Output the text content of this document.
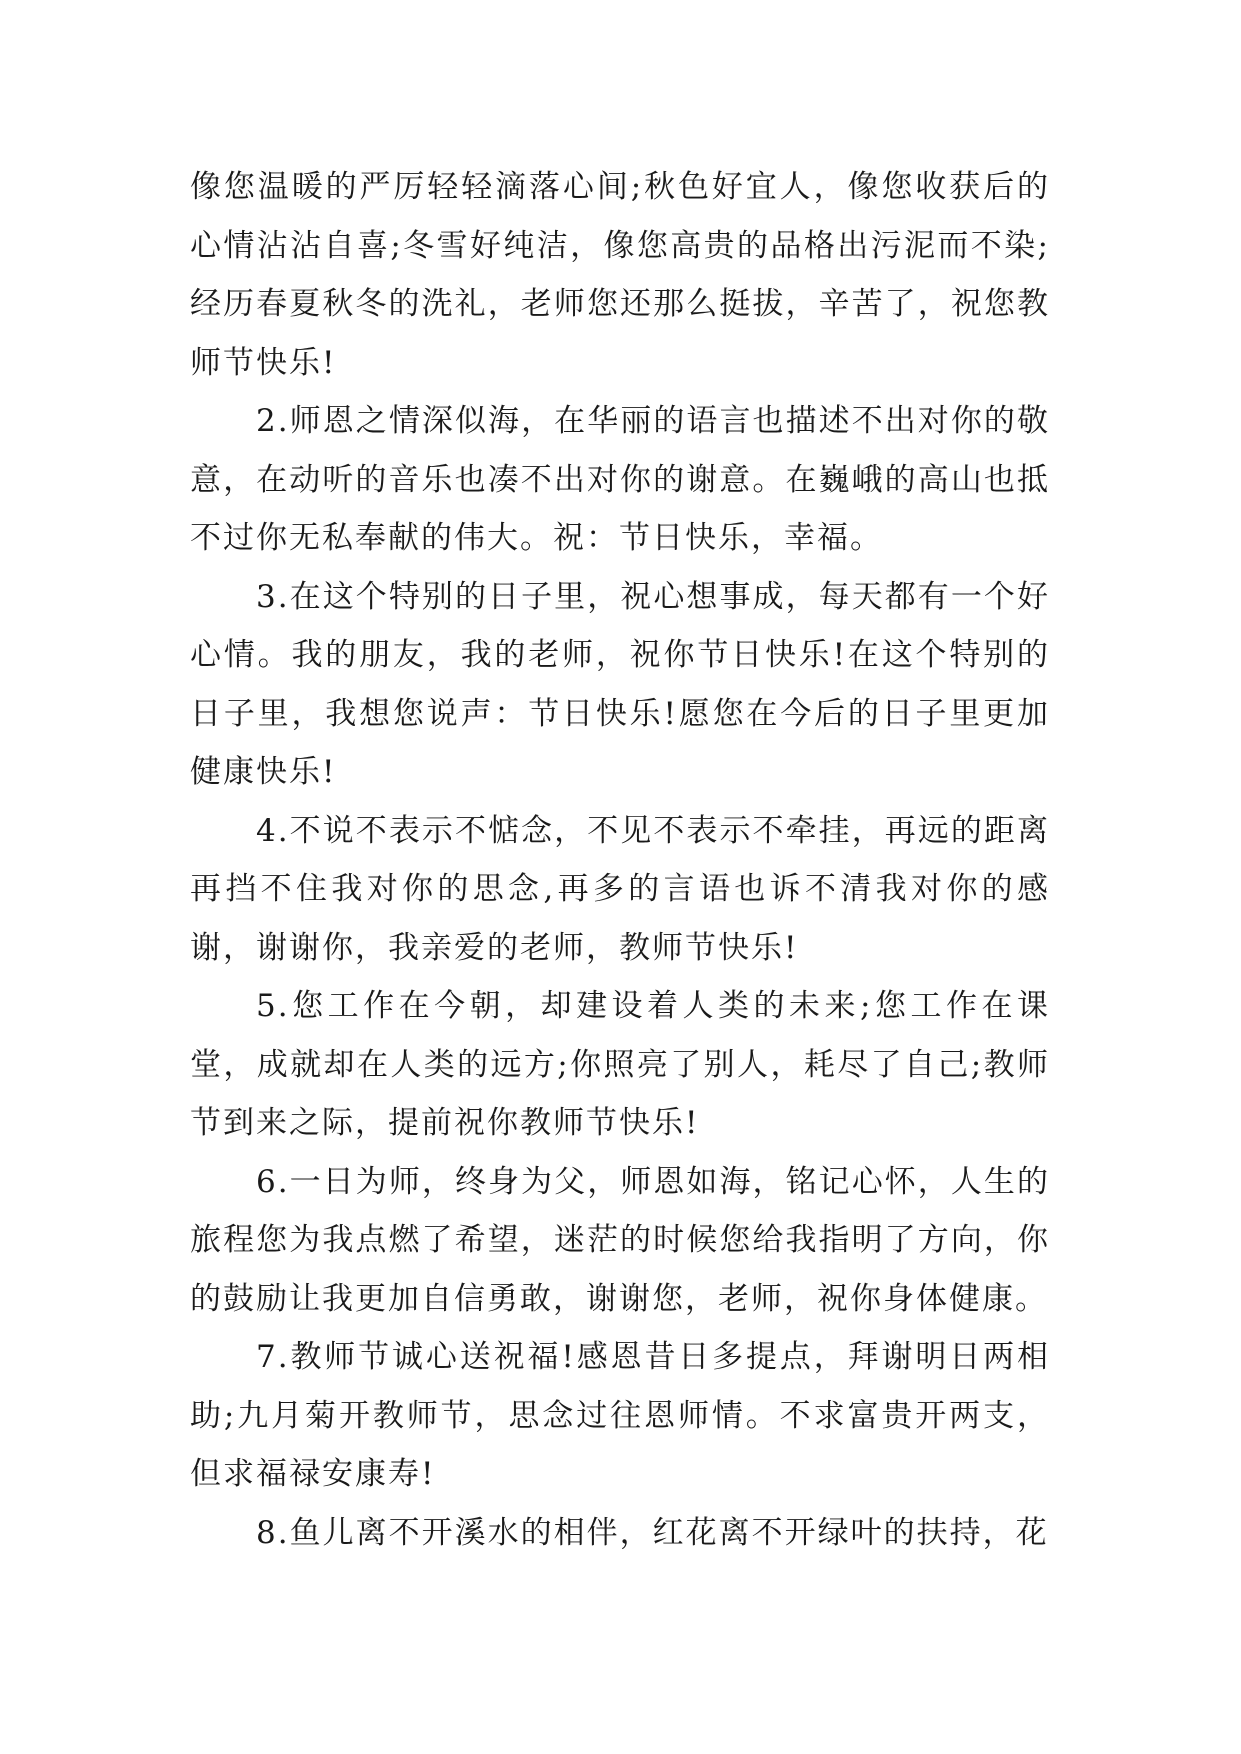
像您温暖的严厉轻轻滴落心间;秋色好宜人，像您收获后的心情沾沾自喜;冬雪好纯洁，像您高贵的品格出污泥而不染;经历春夏秋冬的洗礼，老师您还那么挺拔，辛苦了，祝您教师节快乐!

2.师恩之情深似海，在华丽的语言也描述不出对你的敬意，在动听的音乐也凑不出对你的谢意。在巍峨的高山也抵不过你无私奉献的伟大。祝：节日快乐，幸福。

3.在这个特别的日子里，祝心想事成，每天都有一个好心情。我的朋友，我的老师，祝你节日快乐!在这个特别的日子里，我想您说声：节日快乐!愿您在今后的日子里更加健康快乐!

4.不说不表示不惦念，不见不表示不牵挂，再远的距离再挡不住我对你的思念,再多的言语也诉不清我对你的感谢，谢谢你，我亲爱的老师，教师节快乐!

5.您工作在今朝，却建设着人类的未来;您工作在课堂，成就却在人类的远方;你照亮了别人，耗尽了自己;教师节到来之际，提前祝你教师节快乐!

6.一日为师，终身为父，师恩如海，铭记心怀，人生的旅程您为我点燃了希望，迷茫的时候您给我指明了方向，你的鼓励让我更加自信勇敢，谢谢您，老师，祝你身体健康。

7.教师节诚心送祝福!感恩昔日多提点，拜谢明日两相助;九月菊开教师节，思念过往恩师情。不求富贵开两支，但求福禄安康寿!

8.鱼儿离不开溪水的相伴，红花离不开绿叶的扶持，花
